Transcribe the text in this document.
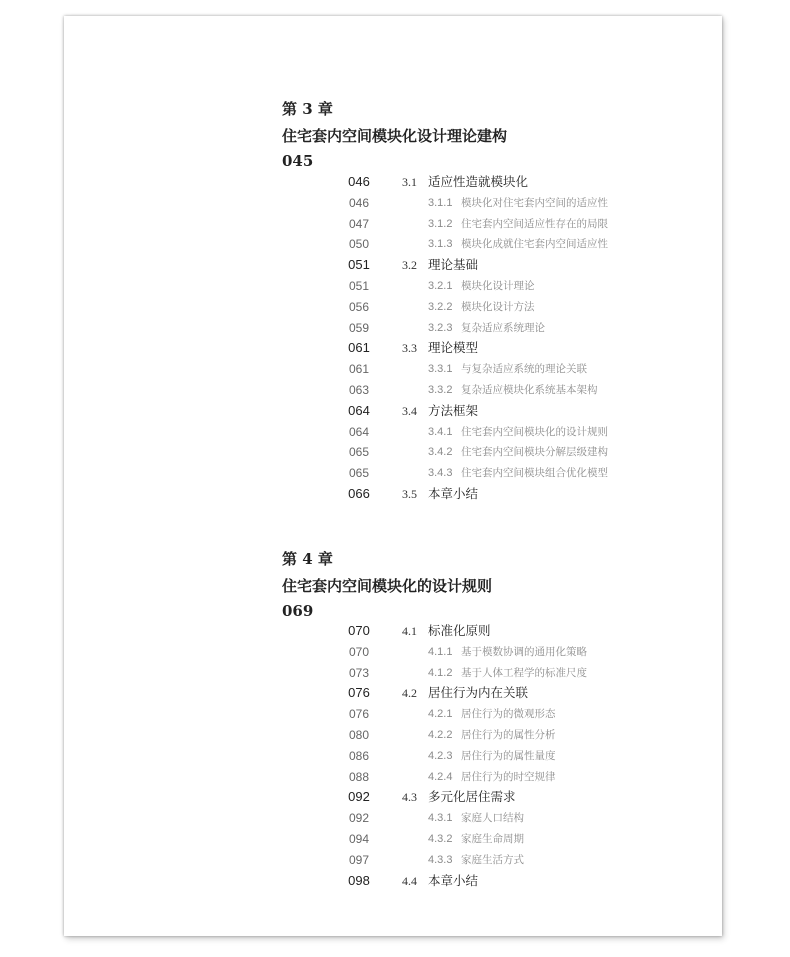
第 3 章
住宅套内空间模块化设计理论建构
045
第 4 章
住宅套内空间模块化的设计规则
069
046	3.1 适应性造就模块化
046	3.1.1 模块化对住宅套内空间的适应性
047	3.1.2 住宅套内空间适应性存在的局限
050	3.1.3 模块化成就住宅套内空间适应性
051	3.2 理论基础
051	3.2.1 模块化设计理论
056	3.2.2 模块化设计方法
059	3.2.3 复杂适应系统理论
061	3.3 理论模型
061	3.3.1 与复杂适应系统的理论关联
063	3.3.2 复杂适应模块化系统基本架构
064	3.4 方法框架
064	3.4.1 住宅套内空间模块化的设计规则
065	3.4.2 住宅套内空间模块分解层级建构
065	3.4.3 住宅套内空间模块组合优化模型
066	3.5 本章小结
070	4.1 标准化原则
070	4.1.1 基于模数协调的通用化策略
073	4.1.2 基于人体工程学的标准尺度
076	4.2 居住行为内在关联
076	4.2.1 居住行为的微观形态
080	4.2.2 居住行为的属性分析
086	4.2.3 居住行为的属性量度
088	4.2.4 居住行为的时空规律
092	4.3 多元化居住需求
092	4.3.1 家庭人口结构
094	4.3.2 家庭生命周期
097	4.3.3 家庭生活方式
098	4.4 本章小结
